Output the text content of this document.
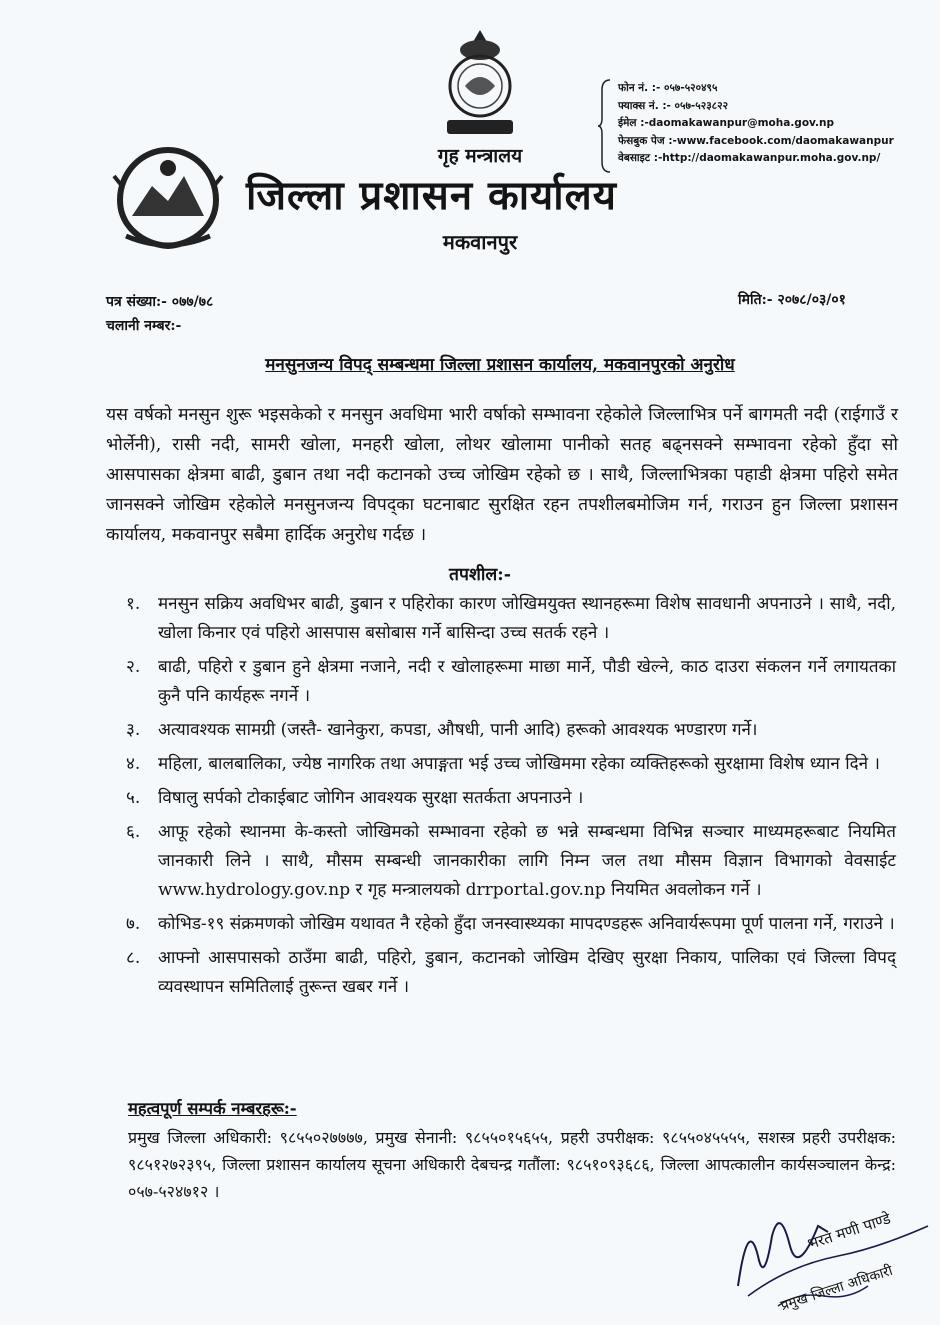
गृह मन्त्रालय
जिल्ला प्रशासन कार्यालय
मकवानपुर
फोन नं. :- ०५७-५२०४९५
फ्याक्स नं. :- ०५७-५२३८२२
ईमेल :-daomakawanpur@moha.gov.np
फेसबुक पेज :-www.facebook.com/daomakawanpur
वेबसाइट :-http://daomakawanpur.moha.gov.np/
पत्र संख्या:- ०७७/७८
चलानी नम्बर:-
मिति:- २०७८/०३/०१
मनसुनजन्य विपद् सम्बन्धमा जिल्ला प्रशासन कार्यालय, मकवानपुरको अनुरोध
यस वर्षको मनसुन शुरू भइसकेको र मनसुन अवधिमा भारी वर्षाको सम्भावना रहेकोले जिल्लाभित्र पर्ने बागमती नदी (राईगाउँ र भोर्लेनी), रासी नदी, सामरी खोला, मनहरी खोला, लोथर खोलामा पानीको सतह बढ्नसक्ने सम्भावना रहेको हुँदा सो आसपासका क्षेत्रमा बाढी, डुबान तथा नदी कटानको उच्च जोखिम रहेको छ । साथै, जिल्लाभित्रका पहाडी क्षेत्रमा पहिरो समेत जानसक्ने जोखिम रहेकोले मनसुनजन्य विपद्का घटनाबाट सुरक्षित रहन तपशीलबमोजिम गर्न, गराउन हुन जिल्ला प्रशासन कार्यालय, मकवानपुर सबैमा हार्दिक अनुरोध गर्दछ ।
तपशील:-
१.	मनसुन सक्रिय अवधिभर बाढी, डुबान र पहिरोका कारण जोखिमयुक्त स्थानहरूमा विशेष सावधानी अपनाउने । साथै, नदी, खोला किनार एवं पहिरो आसपास बसोबास गर्ने बासिन्दा उच्च सतर्क रहने ।
२.	बाढी, पहिरो र डुबान हुने क्षेत्रमा नजाने, नदी र खोलाहरूमा माछा मार्ने, पौडी खेल्ने, काठ दाउरा संकलन गर्ने लगायतका कुनै पनि कार्यहरू नगर्ने ।
३.	अत्यावश्यक सामग्री (जस्तै- खानेकुरा, कपडा, औषधी, पानी आदि) हरूको आवश्यक भण्डारण गर्ने।
४.	महिला, बालबालिका, ज्येष्ठ नागरिक तथा अपाङ्गता भई उच्च जोखिममा रहेका व्यक्तिहरूको सुरक्षामा विशेष ध्यान दिने ।
५.	विषालु सर्पको टोकाईबाट जोगिन आवश्यक सुरक्षा सतर्कता अपनाउने ।
६.	आफू रहेको स्थानमा के-कस्तो जोखिमको सम्भावना रहेको छ भन्ने सम्बन्धमा विभिन्न सञ्चार माध्यमहरूबाट नियमित जानकारी लिने । साथै, मौसम सम्बन्धी जानकारीका लागि निम्न जल तथा मौसम विज्ञान विभागको वेवसाईट www.hydrology.gov.np र गृह मन्त्रालयको drrportal.gov.np नियमित अवलोकन गर्ने ।
७.	कोभिड-१९ संक्रमणको जोखिम यथावत नै रहेको हुँदा जनस्वास्थ्यका मापदण्डहरू अनिवार्यरूपमा पूर्ण पालना गर्ने, गराउने ।
८.	आफ्नो आसपासको ठाउँमा बाढी, पहिरो, डुबान, कटानको जोखिम देखिए सुरक्षा निकाय, पालिका एवं जिल्ला विपद् व्यवस्थापन समितिलाई तुरून्त खबर गर्ने ।
महत्वपूर्ण सम्पर्क नम्बरहरू:-
प्रमुख जिल्ला अधिकारी: ९८५५०२७७७७, प्रमुख सेनानी: ९८५५०१५६५५, प्रहरी उपरीक्षक: ९८५५०४५५५५, सशस्त्र प्रहरी उपरीक्षक: ९८५१२७२३९५, जिल्ला प्रशासन कार्यालय सूचना अधिकारी देबचन्द्र गतौंला: ९८५१०९३६८६, जिल्ला आपत्कालीन कार्यसञ्चालन केन्द्र: ०५७-५२४७१२ ।
भरत मणी पाण्डे
प्रमुख जिल्ला अधिकारी
